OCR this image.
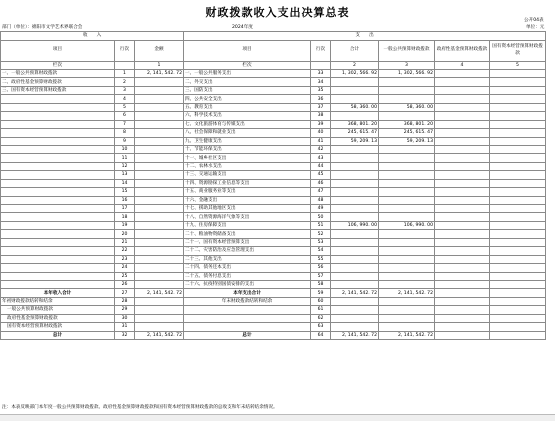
财政拨款收入支出决算总表
部门（单位）：绵阳市文学艺术界联合会	2024年度
公开04表
单位：元
收　　入			支　　出					
项目	行次	金额	项目	行次	合计	一般公共预算财政拨款	政府性基金预算财政拨款	国有资本经营预算财政拨款
栏次		1	栏次		2	3	4	5
一、一般公共预算财政拨款	1	2, 141, 542. 72	一、一般公共服务支出	33	1, 302, 566. 92	1, 302, 566. 92		
二、政府性基金预算财政拨款	2		二、外交支出	34				
三、国有资本经营预算财政拨款	3		三、国防支出	35				
	4		四、公共安全支出	36				
	5		五、教育支出	37	58, 360. 00	58, 360. 00		
	6		六、科学技术支出	38				
	7		七、文化旅游体育与传媒支出	39	368, 801. 20	368, 801. 20		
	8		八、社会保障和就业支出	40	245, 615. 47	245, 615. 47		
	9		九、卫生健康支出	41	59, 209. 13	59, 209. 13		
	10		十、节能环保支出	42				
	11		十一、城乡社区支出	43				
	12		十二、农林水支出	44				
	13		十三、交通运输支出	45				
	14		十四、资源勘探工业信息等支出	46				
	15		十五、商业服务业等支出	47				
	16		十六、金融支出	48				
	17		十七、援助其他地区支出	49				
	18		十八、自然资源海洋气象等支出	50				
	19		十九、住房保障支出	51	106, 990. 00	106, 990. 00		
	20		二十、粮油物资储备支出	52				
	21		二十一、国有资本经营预算支出	53				
	22		二十二、灾害防治及应急管理支出	54				
	23		二十三、其他支出	55				
	24		二十四、债务还本支出	56				
	25		二十五、债务付息支出	57				
	26		二十六、抗疫特别国债安排的支出	58				
本年收入合计	27	2, 141, 542. 72	本年支出合计	59	2, 141, 542. 72	2, 141, 542. 72		
年初财政拨款结转和结余	28		年末财政拨款结转和结余	60				
一般公共预算财政拨款	29			61				
政府性基金预算财政拨款	30			62				
国有资本经营预算财政拨款	31			63				
总计	32	2, 141, 542. 72	总计	64	2, 141, 542. 72	2, 141, 542. 72		
注：本表反映部门本年度一般公共预算财政拨款、政府性基金预算财政拨款和国有资本经营预算财政拨款的总收支和年末结转结余情况。
